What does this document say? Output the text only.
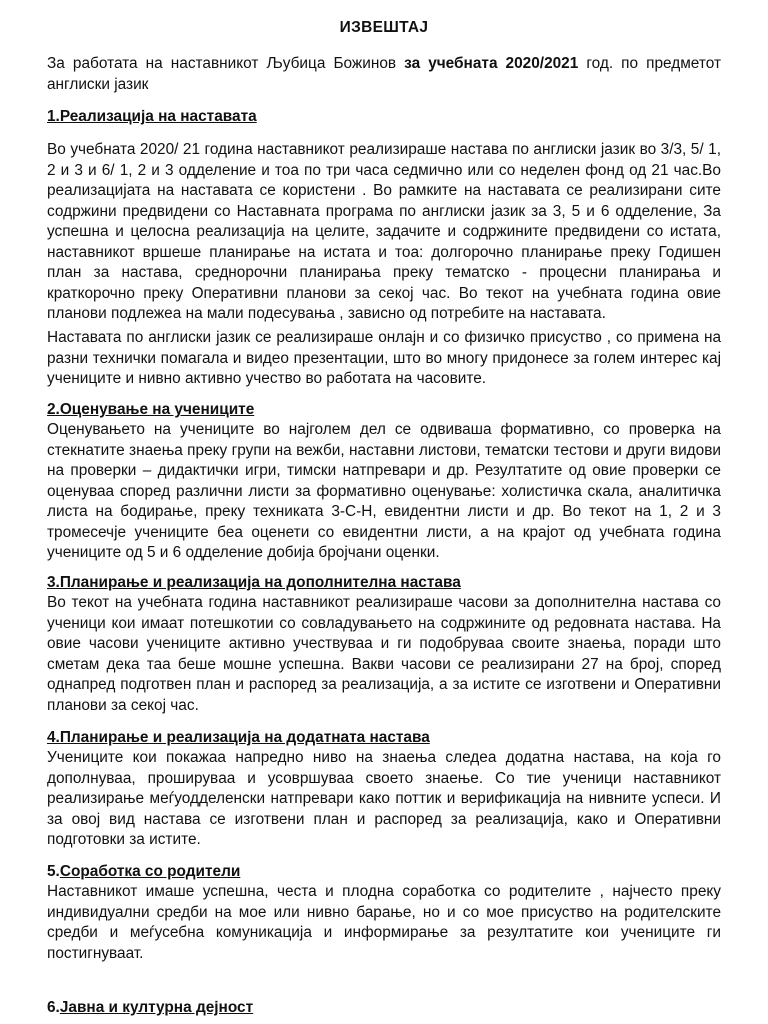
ИЗВЕШТАЈ
За работата на наставникот Љубица Божинов за учебната 2020/2021 год. по предметот англиски јазик
1.Реализација на наставата
Во учебната 2020/ 21 година наставникот реализираше настава по англиски јазик во 3/3, 5/ 1, 2 и 3 и 6/ 1, 2 и 3 одделение и тоа по три часа седмично или со неделен фонд од 21 час.Во реализацијата на наставата се користени . Во рамките на наставата се реализирани сите содржини предвидени со Наставната програма по англиски јазик за 3, 5 и 6 одделение, За успешна и целосна реализација на целите, задачите и содржините предвидени со истата, наставникот вршеше планирање на истата и тоа: долгорочно планирање преку Годишен план за настава, среднорочни планирања преку тематско - процесни планирања и краткорочно преку Оперативни планови за секој час. Во текот на учебната година овие планови подлежеа на мали подесувања , зависно од потребите на наставата.
Наставата по англиски јазик се реализираше онлајн и со физичко присуство , со примена на разни технички помагала и видео презентации, што во многу придонесе за голем интерес кај учениците и нивно активно учество во работата на часовите.
2.Оценување на учениците
Оценувањето на учениците во најголем дел се одвиваша формативно, со проверка на стекнатите знаења преку групи на вежби, наставни листови, тематски тестови и други видови на проверки – дидактички игри, тимски натпревари и др. Резултатите од овие проверки се оценуваа според различни листи за формативно оценување: холистичка скала, аналитичка листа на бодирање, преку техниката 3-С-Н, евидентни листи и др. Во текот на 1, 2 и 3 тромесечје учениците беа оценети со евидентни листи, а на крајот од учебната година учениците од 5 и 6 одделение добија бројчани оценки.
3.Планирање и реализација на дополнителна настава
Во текот на учебната година наставникот реализираше часови за дополнителна настава со ученици кои имаат потешкотии со совладувањето на содржините од редовната настава. На овие часови учениците активно учествуваа и ги подобруваа своите знаења, поради што сметам дека таа беше мошне успешна. Вакви часови се реализирани 27 на број, според однапред подготвен план и распоред за реализација, а за истите се изготвени и Оперативни планови за секој час.
4.Планирање и реализација на додатната настава
Учениците кои покажаа напредно ниво на знаења следеа додатна настава, на која го дополнуваа, проширувaa и усовршуваа своето знаење. Со тие ученици наставникот реализирање меѓуодделенски натпревари како поттик и верификација на нивните успеси. И за овој вид настава се изготвени план и распоред за реализација, како и Оперативни подготовки за истите.
5.Соработка со родители
Наставникот имаше успешна, честа и плодна соработка со родителите , најчесто преку индивидуални средби на мое или нивно барање, но и со мое присуство на родителските средби и меѓусебна комуникација и информирање за резултатите кои учениците ги постигнуваат.
6.Јавна и културна дејност
